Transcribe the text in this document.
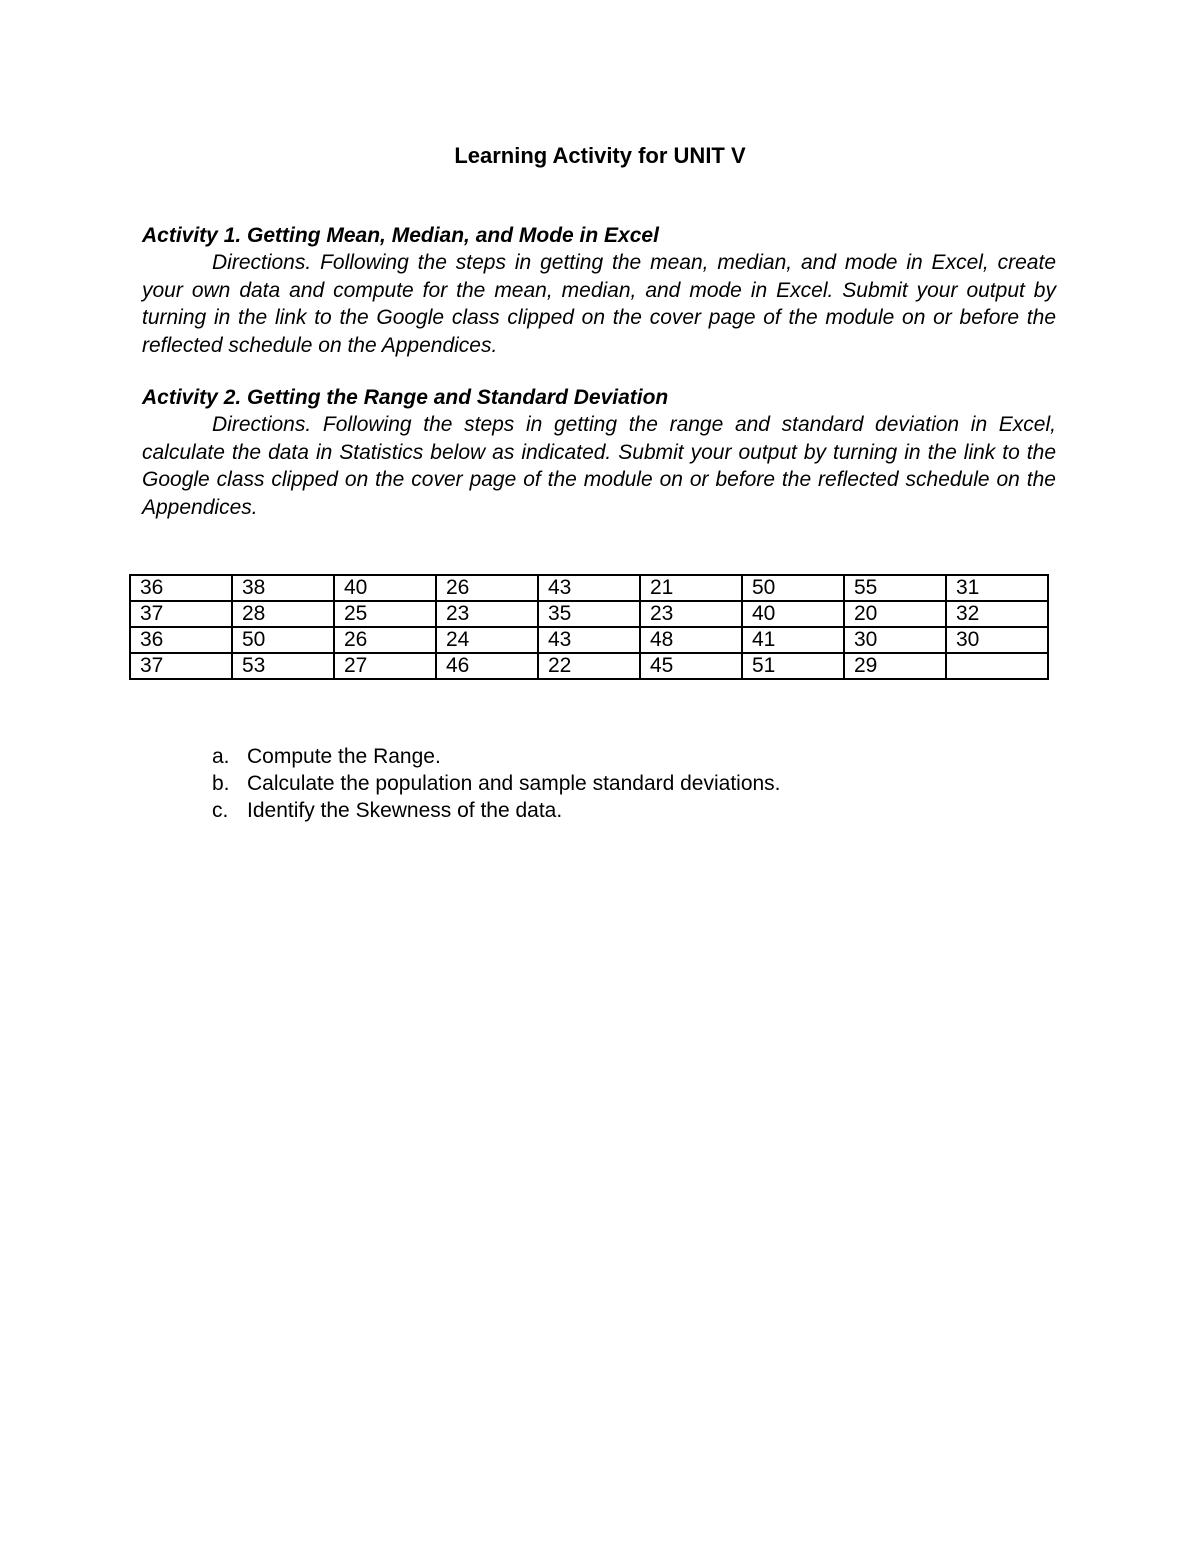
Learning Activity for UNIT V
Activity 1. Getting Mean, Median, and Mode in Excel
Directions. Following the steps in getting the mean, median, and mode in Excel, create your own data and compute for the mean, median, and mode in Excel. Submit your output by turning in the link to the Google class clipped on the cover page of the module on or before the reflected schedule on the Appendices.
Activity 2. Getting the Range and Standard Deviation
Directions. Following the steps in getting the range and standard deviation in Excel, calculate the data in Statistics below as indicated. Submit your output by turning in the link to the Google class clipped on the cover page of the module on or before the reflected schedule on the Appendices.
36	38	40	26	43	21	50	55	31
37	28	25	23	35	23	40	20	32
36	50	26	24	43	48	41	30	30
37	53	27	46	22	45	51	29	
a. Compute the Range.
b. Calculate the population and sample standard deviations.
c. Identify the Skewness of the data.
